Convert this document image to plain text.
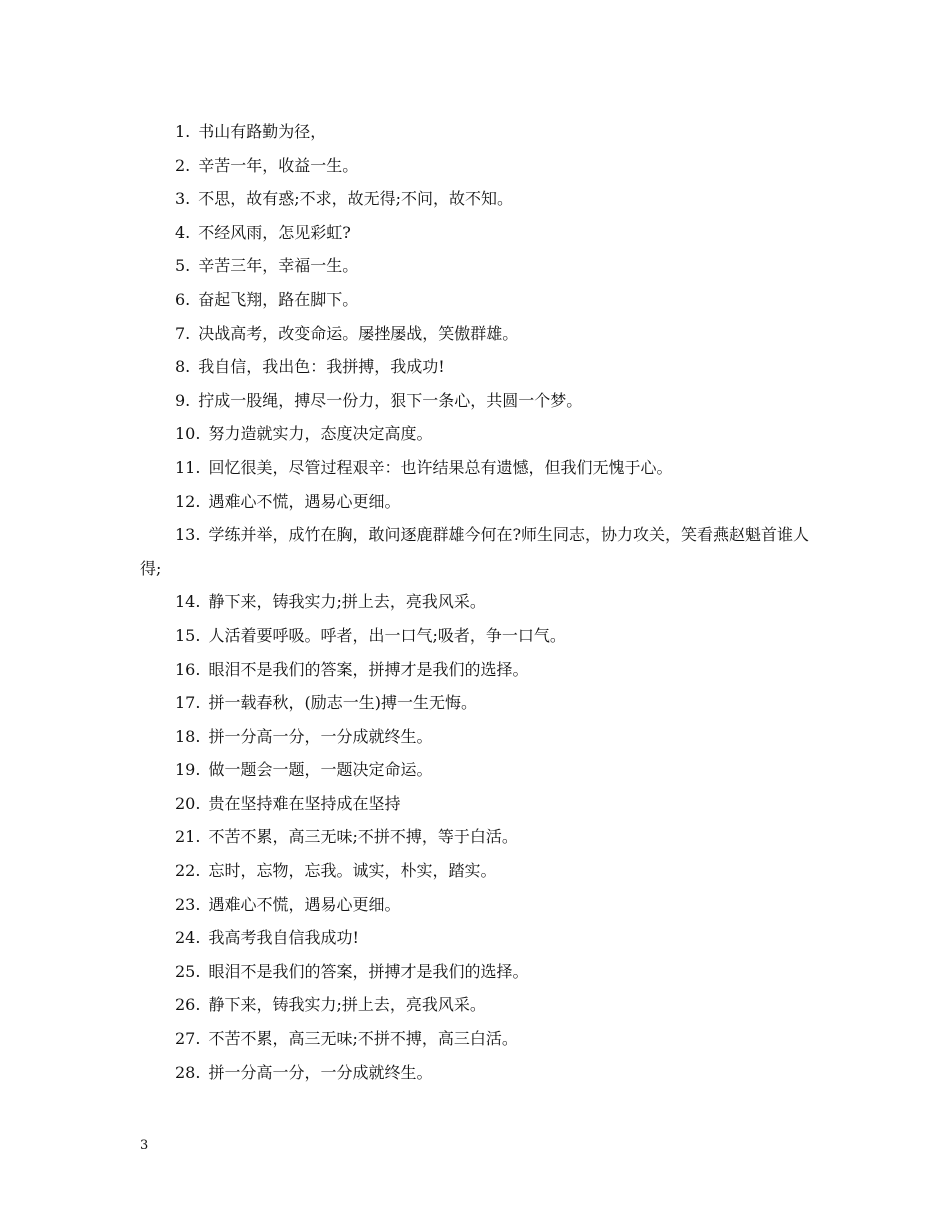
1. 书山有路勤为径，
2. 辛苦一年，收益一生。
3. 不思，故有惑;不求，故无得;不问，故不知。
4. 不经风雨，怎见彩虹?
5. 辛苦三年，幸福一生。
6. 奋起飞翔，路在脚下。
7. 决战高考，改变命运。屡挫屡战，笑傲群雄。
8. 我自信，我出色：我拼搏，我成功!
9. 拧成一股绳，搏尽一份力，狠下一条心，共圆一个梦。
10. 努力造就实力，态度决定高度。
11. 回忆很美，尽管过程艰辛：也许结果总有遗憾，但我们无愧于心。
12. 遇难心不慌，遇易心更细。
13. 学练并举，成竹在胸，敢问逐鹿群雄今何在?师生同志，协力攻关，笑看燕赵魁首谁人得;
14. 静下来，铸我实力;拼上去，亮我风采。
15. 人活着要呼吸。呼者，出一口气;吸者，争一口气。
16. 眼泪不是我们的答案，拼搏才是我们的选择。
17. 拼一载春秋，(励志一生)搏一生无悔。
18. 拼一分高一分，一分成就终生。
19. 做一题会一题，一题决定命运。
20. 贵在坚持难在坚持成在坚持
21. 不苦不累，高三无味;不拼不搏，等于白活。
22. 忘时，忘物，忘我。诚实，朴实，踏实。
23. 遇难心不慌，遇易心更细。
24. 我高考我自信我成功!
25. 眼泪不是我们的答案，拼搏才是我们的选择。
26. 静下来，铸我实力;拼上去，亮我风采。
27. 不苦不累，高三无味;不拼不搏，高三白活。
28. 拼一分高一分，一分成就终生。
3
